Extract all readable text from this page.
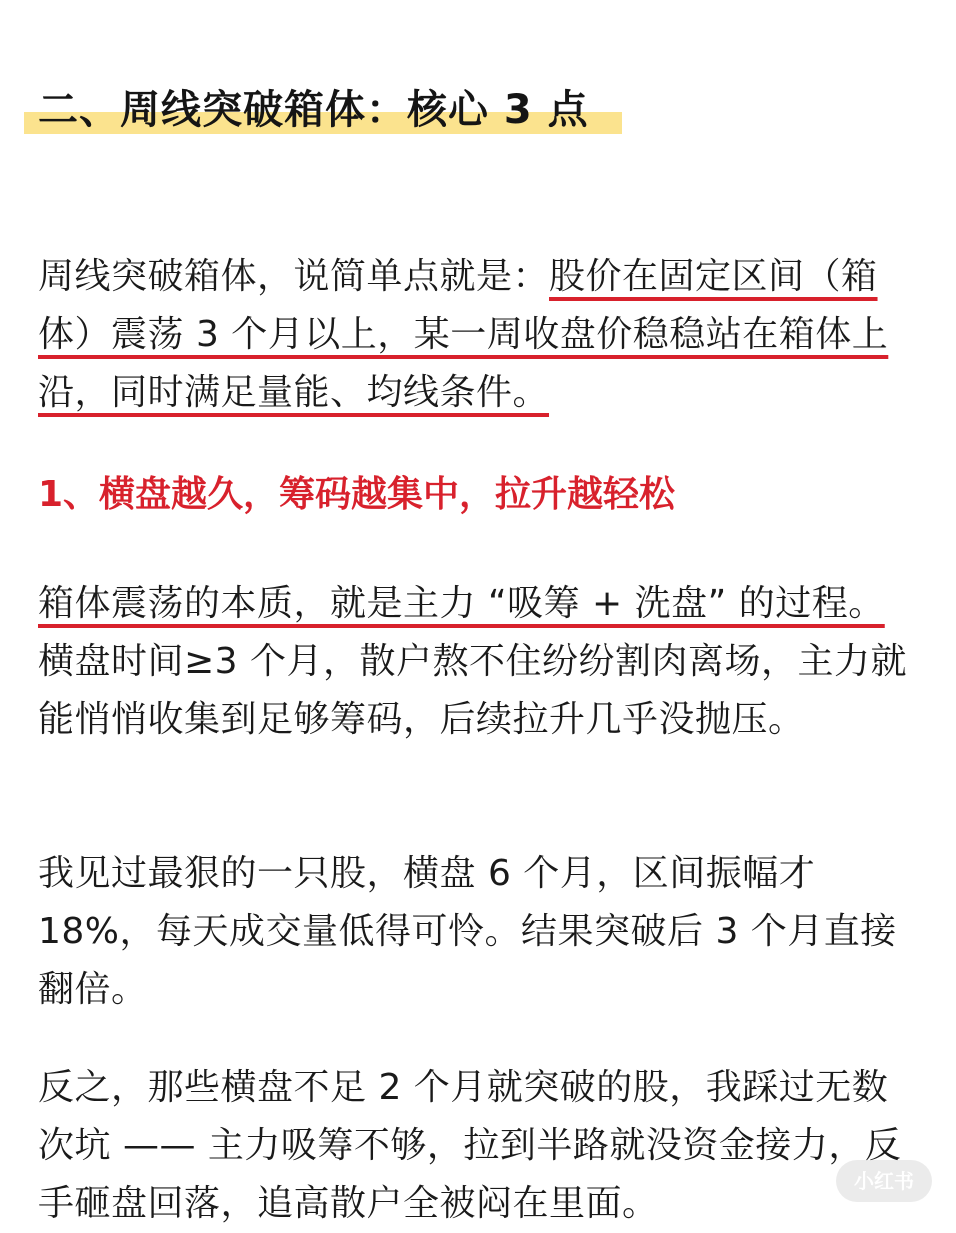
二、周线突破箱体：核心 3 点

周线突破箱体，说简单点就是：股价在固定区间（箱体）震荡 3 个月以上，某一周收盘价稳稳站在箱体上沿，同时满足量能、均线条件。

1、横盘越久，筹码越集中，拉升越轻松

箱体震荡的本质，就是主力 “吸筹 + 洗盘” 的过程。横盘时间≥3 个月，散户熬不住纷纷割肉离场，主力就能悄悄收集到足够筹码，后续拉升几乎没抛压。

我见过最狠的一只股，横盘 6 个月，区间振幅才 18%，每天成交量低得可怜。结果突破后 3 个月直接翻倍。

反之，那些横盘不足 2 个月就突破的股，我踩过无数次坑 —— 主力吸筹不够，拉到半路就没资金接力，反手砸盘回落，追高散户全被闷在里面。

小红书
